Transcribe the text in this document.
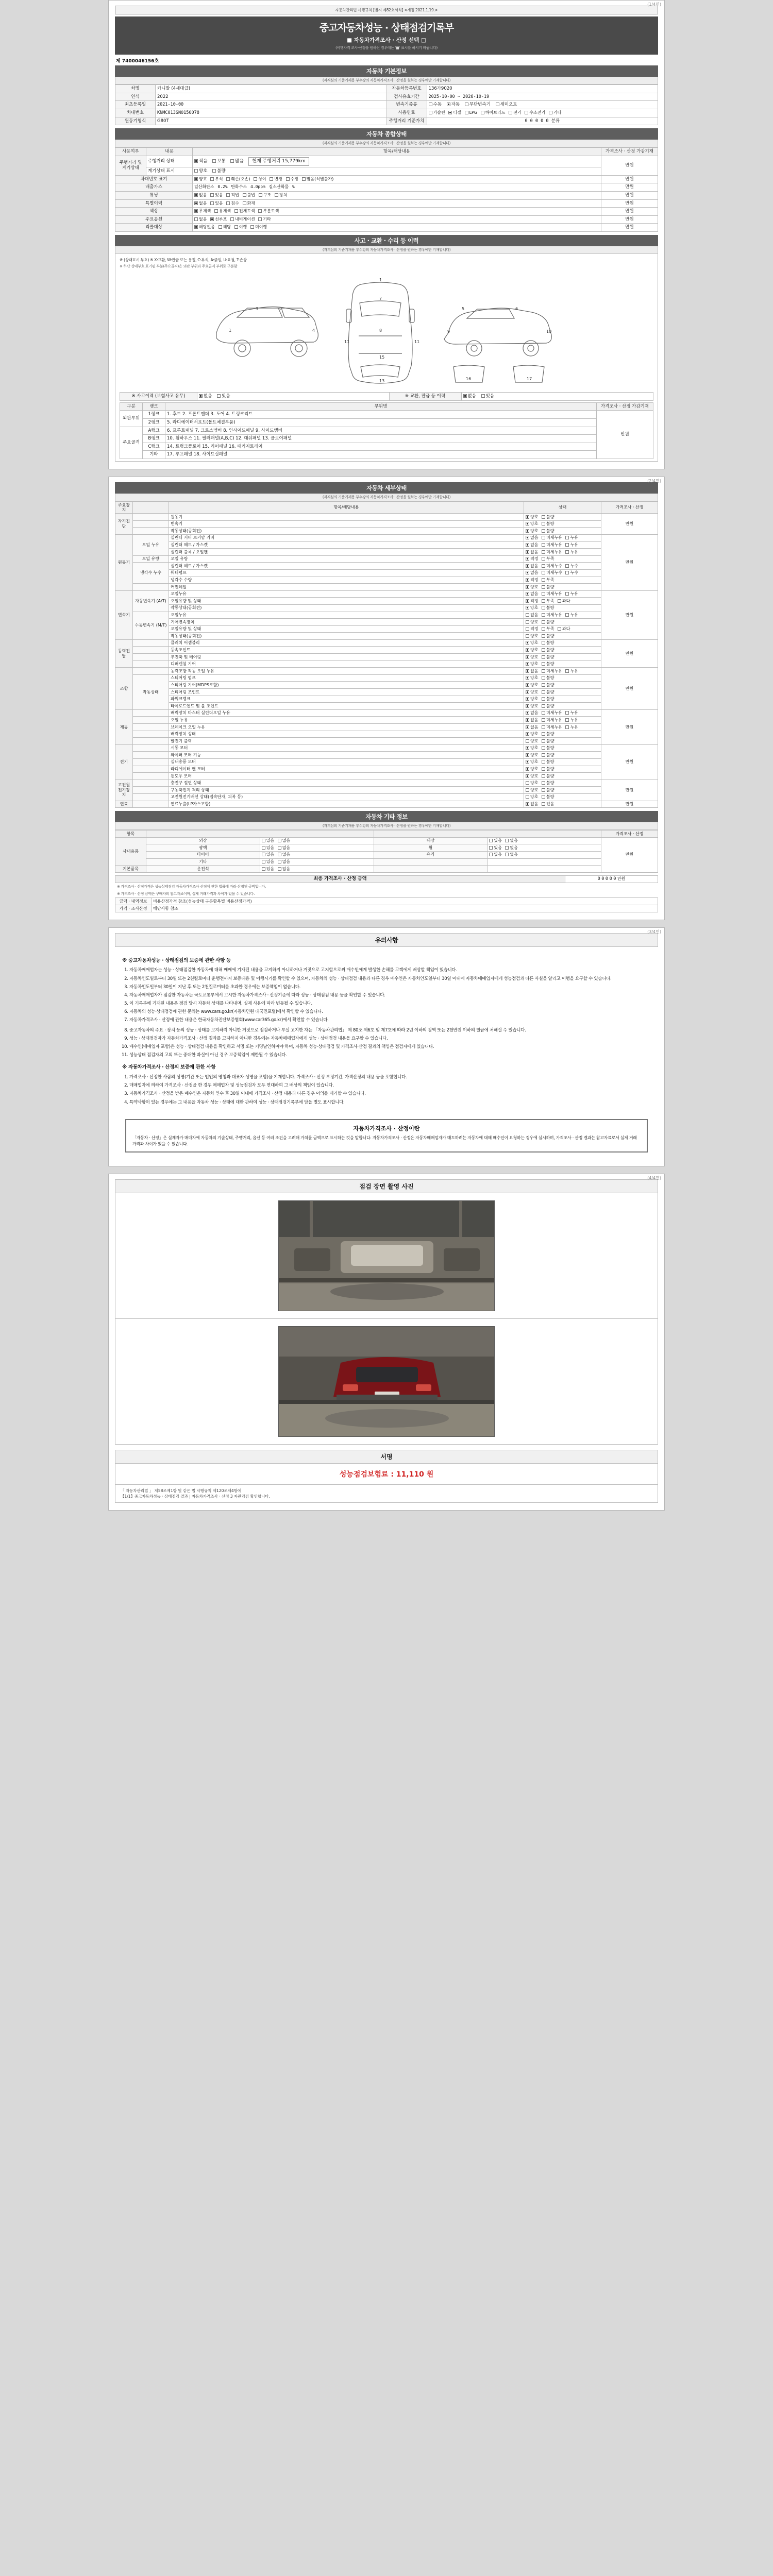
(1/4면)
자동차관리법 시행규칙 [별지 제82호서식] <개정 2021.1.19.>
중고자동차성능 · 상태점검기록부
■ 자동차가격조사 · 산정 선택 □
(이행자격 조사·산정을 원하신 경우에는 '■' 표시를 하시기 바랍니다)
제 7400046156호
자동차 기본정보
(자격심의 기준기재용 부수강의 자동차가격조사 · 산정을 원하는 경우에만 기재합니다)
차명	카니발 (4세대급)	자동차등록번호	136가9020
연식	2022	검사유효기간	2025-10-00 ~ 2026-10-19
최초등록일	2021-10-00	변속기종류	수동 자동 무단변속기 세미오토
차대번호	KNMC013SN0150078	사용연료	가솔린 디젤 LPG 하이브리드 전기 수소전기 기타
원동기형식	G80T	주행거리 기준가치	0 0 0 0 0 분류
자동차 종합상태
(자격심의 기준기재용 부수강의 자동차가격조사 · 산정을 원하는 경우에만 기재합니다)
사용여부	내용	항목/해당내용	가격조사 · 산정 가감기재
주행거리 및 계기상태	주행거리 상태	적음 보통 많음 현재 주행거리 15,779km	만원
	계기상태 표시	양호 불량	
차대번호 표기		양호 부식 훼손(오손) 상이 변경 수정 맘음(식별불가)	만원
배출가스		일산화탄소 0.2% 탄화수소 4.0ppm 질소산화물 %	만원
튜닝		없음 있음 적법 불법 구조 장치	만원
특별이력		없음 있음 침수 화재	만원
색상		무채색 유채색 전체도색 부분도색	만원
주요옵션		없음 선루프 내비게이션 기타	만원
리콜대상		해당없음 해당 이행 미이행	만원
사고 · 교환 · 수리 등 이력
(자격심의 기준기재용 부수강의 자동차가격조사 · 산정을 원하는 경우에만 기재합니다)
※ (상태표시 부호) ※ X:교환, W:판금 또는 용접, C:부식, A:긁힘, U:요철, T:손상
※ 하단 상태부호 표기된 부분(주요골격)은 외판 부위와 주요골격 부위로 구분함
3	3
1	4
1
8
13
11	11
7
15
5	6
9	10
16	17
※ 사고이력 (보험사고 유무)	없음 있음	※ 교환, 판금 등 이력	없음 있음
구분	랭크	부위명	가격조사 · 산정 가감기재
외판부위	1랭크	1. 후드 2. 프론트펜더 3. 도어 4. 트렁크리드	만원
	2랭크	5. 라디에이터서포트(볼트체결부품)	
주요골격	A랭크	6. 프론트패널 7. 크로스멤버 8. 인사이드패널 9. 사이드멤버	
	B랭크	10. 휠하우스 11. 필러패널(A,B,C) 12. 대쉬패널 13. 플로어패널	
	C랭크	14. 트렁크플로어 15. 리어패널 16. 패키지트레이	
	기타	17. 루프패널 18. 사이드실패널	
(2/4면)
자동차 세부상태
(자격심의 기준기재용 부수강의 자동차가격조사 · 산정을 원하는 경우에만 기재합니다)
주요장치		항목/해당내용	상태	가격조사 · 산정
자기진단		원동기	양호 불량	만원
		변속기	양호 불량	
		작동상태(공회전)	양호 불량	
원동기	오일 누유	실린더 커버 로커암 커버	없음 미세누유 누유	만원
		실린더 헤드 / 가스켓	없음 미세누유 누유	
		실린더 블록 / 오일팬	없음 미세누유 누유	
	오일 유량	오일 유량	적정 부족	
	냉각수 누수	실린더 헤드 / 가스켓	없음 미세누수 누수	
		워터펌프	없음 미세누수 누수	
		냉각수 수량	적정 부족	
		커먼레일	양호 불량	
변속기	자동변속기 (A/T)	오일누유	없음 미세누유 누유	만원
		오일유량 및 상태	적정 부족 과다	
		작동상태(공회전)	양호 불량	
	수동변속기 (M/T)	오일누유	없음 미세누유 누유	
		기어변속장치	양호 불량	
		오일유량 및 상태	적정 부족 과다	
		작동상태(공회전)	양호 불량	
동력전달		클러치 어셈블리	양호 불량	만원
		등속조인트	양호 불량	
		추진축 및 베어링	양호 불량	
		디퍼렌셜 기어	양호 불량	
조향		동력조향 작동 오일 누유	없음 미세누유 누유	만원
	작동상태	스티어링 펌프	양호 불량	
		스티어링 기어(MDPS포함)	양호 불량	
		스티어링 조인트	양호 불량	
		파워크랭크	양호 불량	
		타이로드엔드 및 볼 조인트	양호 불량	
제동		배력장치 마스터 실린더오일 누유	없음 미세누유 누유	만원
		오일 누유	없음 미세누유 누유	
		브레이크 오일 누유	없음 미세누유 누유	
		배력장치 상태	양호 불량	
		발전기 출력	양호 불량	
전기		시동 모터	양호 불량	만원
		와이퍼 모터 기능	양호 불량	
		실내송풍 모터	양호 불량	
		라디에이터 팬 모터	양호 불량	
		윈도우 모터	양호 불량	
고전원 전기장치		충전구 절연 상태	양호 불량	만원
		구동축전지 격리 상태	양호 불량	
		고전원전기배선 상태(접속단자, 피복 등)	양호 불량	
연료		연료누출(LP가스포함)	없음 있음	만원
자동차 기타 정보
(자격심의 기준기재용 부수강의 자동차가격조사 · 산정을 원하는 경우에만 기재합니다)
항목					가격조사 · 산정
사내용품	외장	있음 없음	내장	있음 없음	만원
	광택	있음 없음	휠	있음 없음	
	타이어	있음 없음	유리	있음 없음	
	기타	있음 없음			
기본품목	운전석	있음 없음			
최종 가격조사 · 산정 금액	0 0 0 0 0 만원
※ 가격조사 · 산정가격은 성능상태점검 자동차가격조사 산정에 관한 법률에 따라 산정된 금액입니다.
※ 가격조사 · 산정 금액은 구매자의 참고자료이며, 실제 거래가격과 차이가 있을 수 있습니다.
금액 · 내역정보	비용산정가격 참조(성능상태 구분항목별 비용산정가격)
가격 · 조사산정	해당사항 참조
(3/4면)
유의사항
※ 중고자동차성능 · 상태점검의 보증에 관한 사항 등
1. 자동차매매업자는 성능 · 상태점검한 자동차에 대해 매매에 기재된 내용을 고지하지 아니하거나 거짓으로 고지할으로써 매수인에게 발생한 손해를 고객에게 배상할 책임이 있습니다.
2. 자동차인도일로부터 30일 또는 2천킬로미터 운행전까지 보증내용 및 이행시기를 확인할 수 있으며, 자동차의 성능 · 상태점검 내용과 다른 경우 매수인은 자동차인도일부터 30일 이내에 자동차매매업자에게 성능점검과 다른 사실을 알리고 이행을 요구할 수 있습니다.
3. 자동차인도일부터 30일이 지난 후 또는 2천킬로미터를 초과한 경우에는 보증책임이 없습니다.
4. 자동차매매업자가 점검한 자동차는 국토교통부에서 고시한 자동차가격조사 · 산정기준에 따라 성능 · 상태점검 내용 등을 확인할 수 있습니다.
5. 이 기록부에 기재된 내용은 점검 당시 자동차 상태를 나타내며, 실제 사용에 따라 변동될 수 있습니다.
6. 자동차의 성능·상태점검에 관한 문의는 www.cars.go.kr(자동차민원 대국민포털)에서 확인할 수 있습니다.
7. 자동차가격조사 · 산정에 관한 내용은 한국자동차진단보증협회(www.car365.go.kr)에서 확인할 수 있습니다.
8. 중고자동차의 주요 · 장치 등의 성능 · 상태를 고지하지 아니한 거짓으로 점검하거나 부실 고지한 자는 「자동차관리법」 제 80조 제6호 및 제7호에 따라 2년 이하의 징역 또는 2천만원 이하의 벌금에 처해질 수 있습니다.
9. 성능 · 상태점검자가 자동차가격조사 · 산정 결과를 고지하지 아니한 경우에는 자동차매매업자에게 성능 · 상태점검 내용을 요구할 수 있습니다.
10. 매수인(매매업자 포함)은 성능 · 상태점검 내용을 확인하고 서명 또는 기명날인하여야 하며, 자동차 성능·상태점검 및 가격조사·산정 결과의 책임은 점검자에게 있습니다.
11. 성능상태 점검자의 고의 또는 중대한 과실이 아닌 경우 보증책임이 제한될 수 있습니다.
※ 자동차가격조사 · 산정의 보증에 관한 사항
1. 가격조사 · 산정한 사람의 성명(기관 또는 법인의 명칭과 대표자 성명을 포함)을 기재합니다. 가격조사 · 산정 부정기간, 가격산정의 내용 등을 포함합니다.
2. 매매업자에 의하여 가격조사 · 산정을 한 경우 매매업자 및 성능점검자 모두 연대하여 그 배상의 책임이 있습니다.
3. 자동차가격조사 · 산정을 받은 매수인은 자동차 인수 후 30일 이내에 가격조사 · 산정 내용과 다른 경우 이의를 제기할 수 있습니다.
4. 특약사항이 있는 경우에는 그 내용을 자동차 성능 · 상태에 대한 관하여 성능 · 상태점검기록부에 담을 별도 표시합니다.
자동차가격조사 · 산정이란
「자동차 · 산정」은 실제자가 매매차에 자동차의 기술상태, 주행거리, 옵션 등 여러 조건을 고려해 가치를 금액으로 표시하는 것을 말합니다. 자동차가격조사 · 산정은 자동차매매업자가 매도하려는 자동차에 대해 매수인이 요청하는 경우에 실시하며, 가격조사 · 산정 결과는 참고자료로서 실제 거래가격과 차이가 있을 수 있습니다.
(4/4면)
점검 장면 촬영 사진
서명
성능점검보험료 : 11,110 원
「 자동차관리법 」 제58조제1항 및 같은 법 시행규칙 제120조제4항에
【1/1】중고자동차성능 · 상태점검 결과 | 자동차가격조사 · 산정 3 자란검검 확인합니다.
